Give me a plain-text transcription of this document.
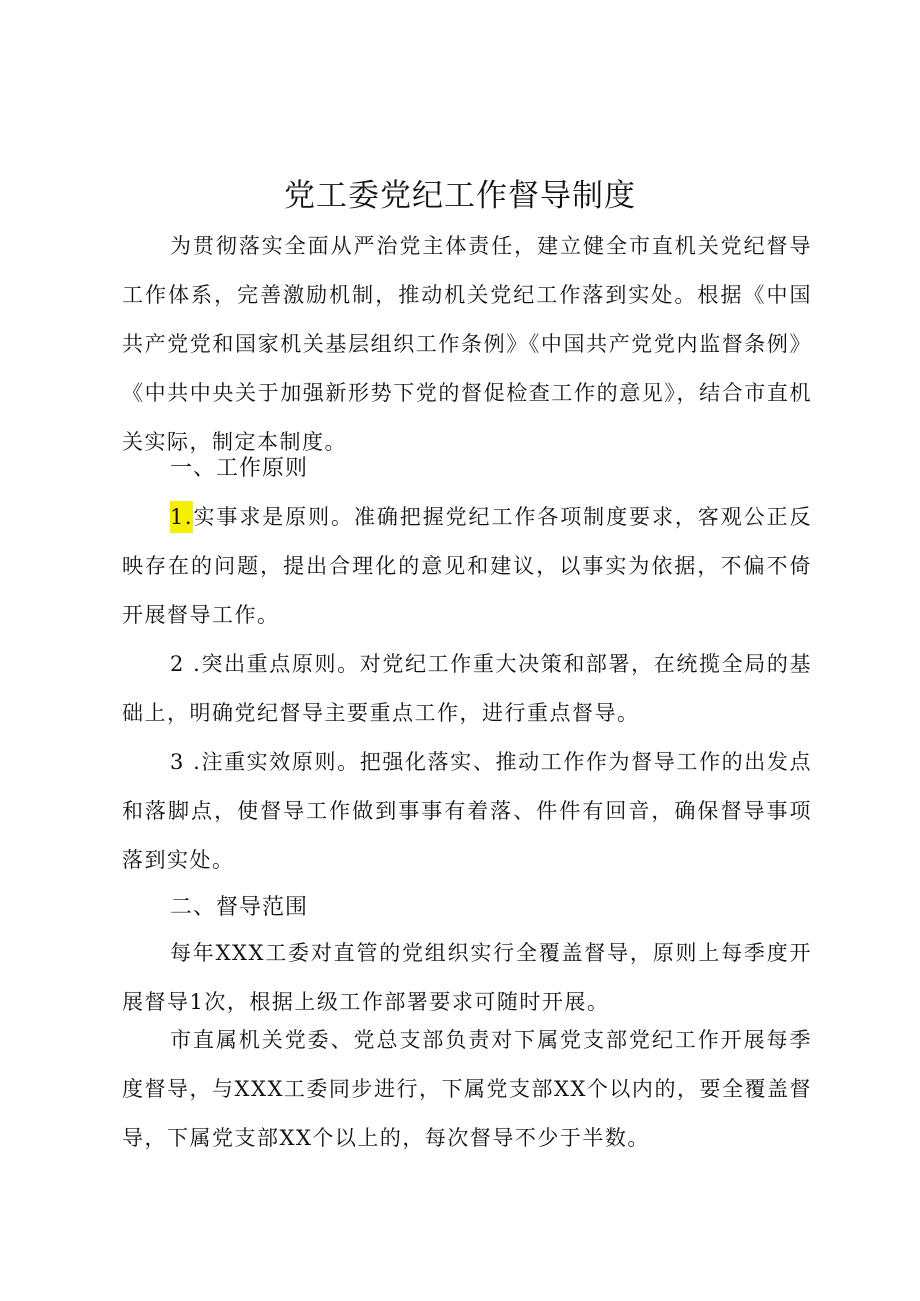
党工委党纪工作督导制度

为贯彻落实全面从严治党主体责任，建立健全市直机关党纪督导工作体系，完善激励机制，推动机关党纪工作落到实处。根据《中国共产党党和国家机关基层组织工作条例》《中国共产党党内监督条例》《中共中央关于加强新形势下党的督促检查工作的意见》，结合市直机关实际，制定本制度。

一、工作原则

1.实事求是原则。准确把握党纪工作各项制度要求，客观公正反映存在的问题，提出合理化的意见和建议，以事实为依据，不偏不倚开展督导工作。

2 .突出重点原则。对党纪工作重大决策和部署，在统揽全局的基础上，明确党纪督导主要重点工作，进行重点督导。

3 .注重实效原则。把强化落实、推动工作作为督导工作的出发点和落脚点，使督导工作做到事事有着落、件件有回音，确保督导事项落到实处。

二、督导范围

每年XXX工委对直管的党组织实行全覆盖督导，原则上每季度开展督导1次，根据上级工作部署要求可随时开展。

市直属机关党委、党总支部负责对下属党支部党纪工作开展每季度督导，与XXX工委同步进行，下属党支部XX个以内的，要全覆盖督导，下属党支部XX个以上的，每次督导不少于半数。
